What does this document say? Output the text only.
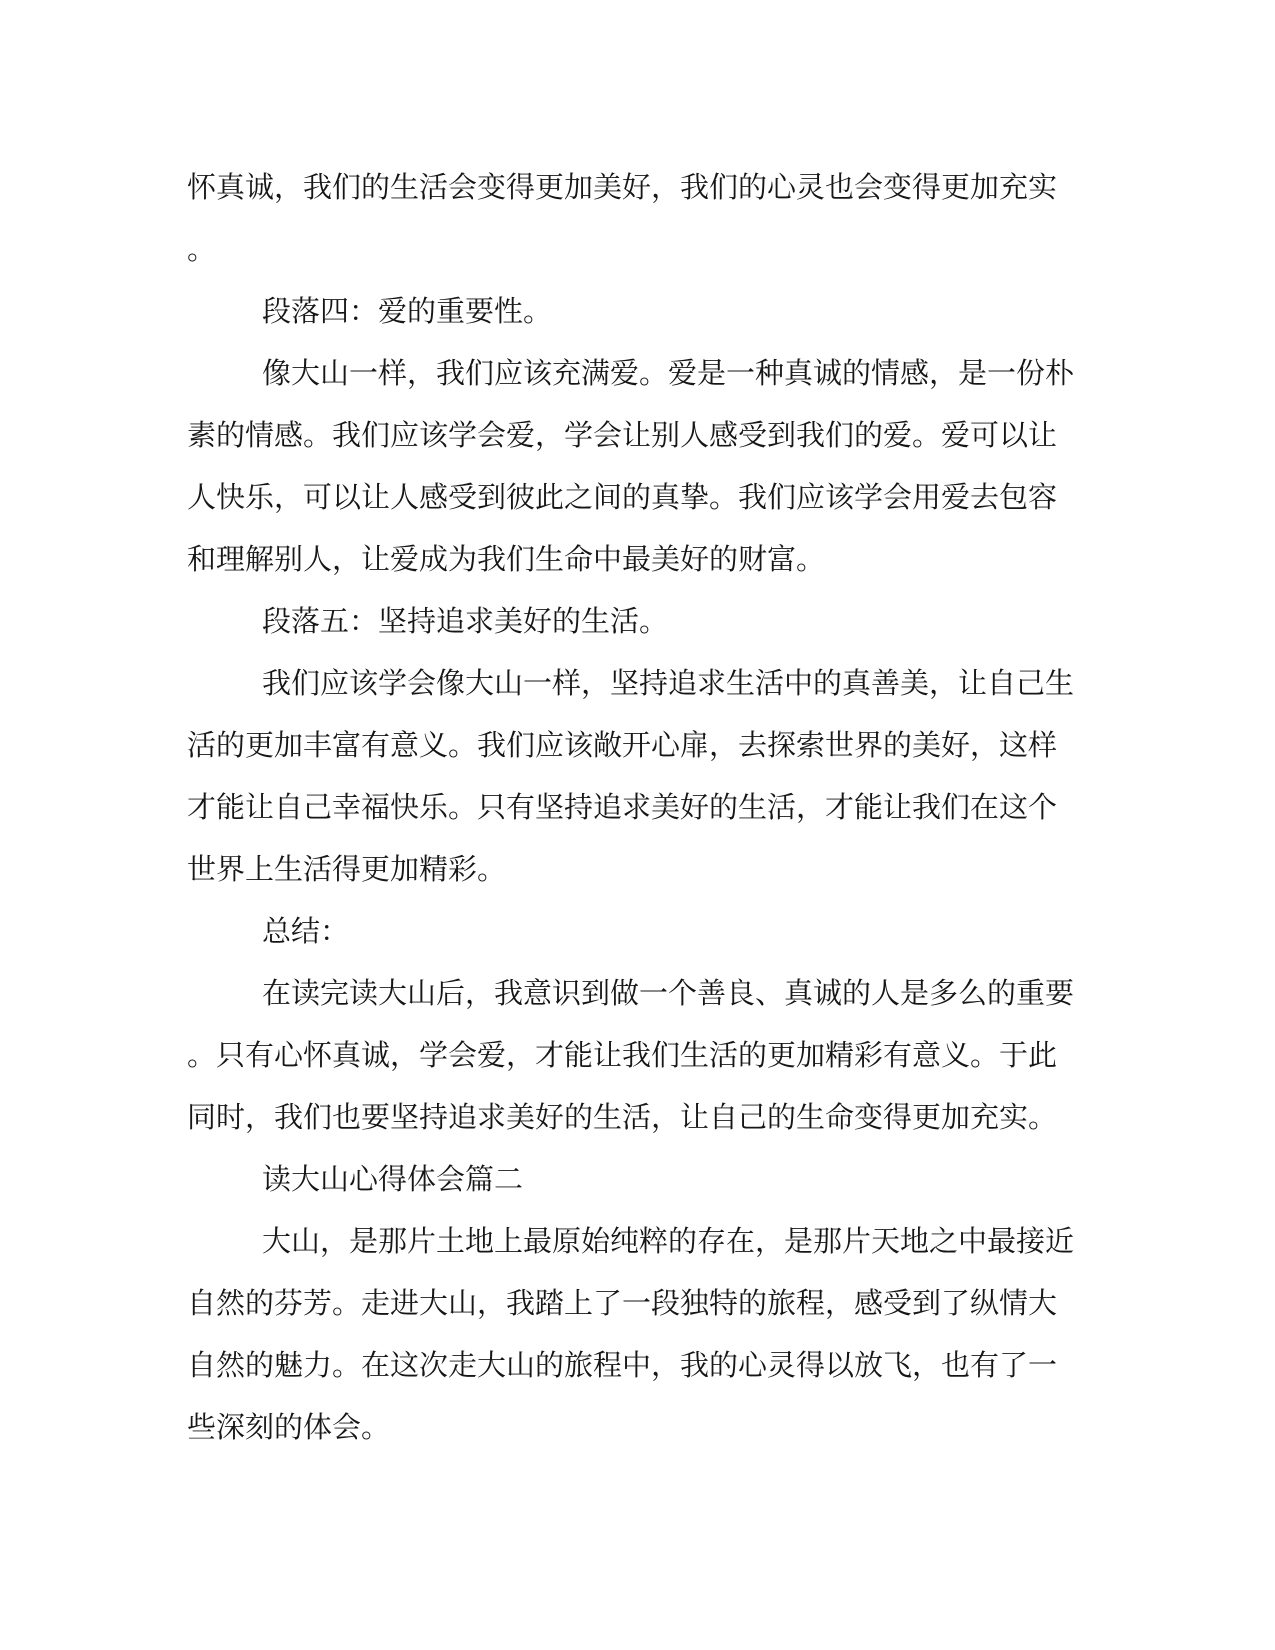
怀真诚，我们的生活会变得更加美好，我们的心灵也会变得更加充实
。
段落四：爱的重要性。
像大山一样，我们应该充满爱。爱是一种真诚的情感，是一份朴
素的情感。我们应该学会爱，学会让别人感受到我们的爱。爱可以让
人快乐，可以让人感受到彼此之间的真挚。我们应该学会用爱去包容
和理解别人，让爱成为我们生命中最美好的财富。
段落五：坚持追求美好的生活。
我们应该学会像大山一样，坚持追求生活中的真善美，让自己生
活的更加丰富有意义。我们应该敞开心扉，去探索世界的美好，这样
才能让自己幸福快乐。只有坚持追求美好的生活，才能让我们在这个
世界上生活得更加精彩。
总结：
在读完读大山后，我意识到做一个善良、真诚的人是多么的重要
。只有心怀真诚，学会爱，才能让我们生活的更加精彩有意义。于此
同时，我们也要坚持追求美好的生活，让自己的生命变得更加充实。
读大山心得体会篇二
大山，是那片土地上最原始纯粹的存在，是那片天地之中最接近
自然的芬芳。走进大山，我踏上了一段独特的旅程，感受到了纵情大
自然的魅力。在这次走大山的旅程中，我的心灵得以放飞，也有了一
些深刻的体会。
